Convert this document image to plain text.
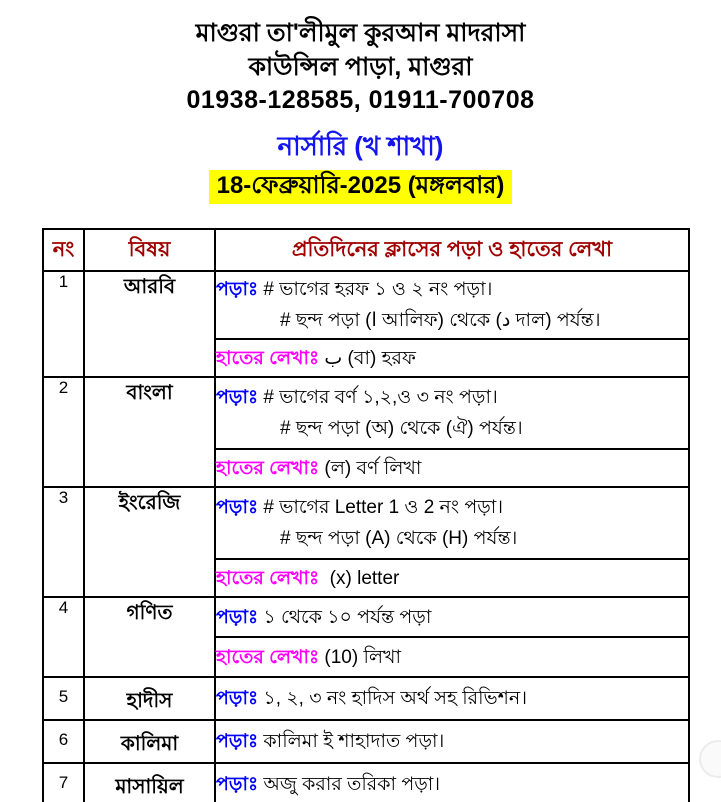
মাগুরা তা'লীমুল কুরআন মাদরাসা
কাউন্সিল পাড়া, মাগুরা
01938-128585, 01911-700708
নার্সারি (খ শাখা)
18-ফেব্রুয়ারি-2025 (মঙ্গলবার)
নং	বিষয়	প্রতিদিনের ক্লাসের পড়া ও হাতের লেখা
1	আরবি	পড়াঃ # ভাগের হরফ ১ ও ২ নং পড়া।
# ছন্দ পড়া (ا আলিফ) থেকে (د দাল) পর্যন্ত।

		হাতের লেখাঃ ب (বা) হরফ
2	বাংলা	পড়াঃ # ভাগের বর্ণ ১,২,ও ৩ নং পড়া।
# ছন্দ পড়া (অ) থেকে (ঐ) পর্যন্ত।

		হাতের লেখাঃ (ল) বর্ণ লিখা
3	ইংরেজি	পড়াঃ # ভাগের Letter 1 ও 2 নং পড়া।
# ছন্দ পড়া (A) থেকে (H) পর্যন্ত।

		হাতের লেখাঃ (x) letter
4	গণিত	পড়াঃ ১ থেকে ১০ পর্যন্ত পড়া
		হাতের লেখাঃ (10) লিখা
5	হাদীস	পড়াঃ ১, ২, ৩ নং হাদিস অর্থ সহ রিভিশন।
6	কালিমা	পড়াঃ কালিমা ই শাহাদাত পড়া।
7	মাসায়িল	পড়াঃ অজু করার তরিকা পড়া।
